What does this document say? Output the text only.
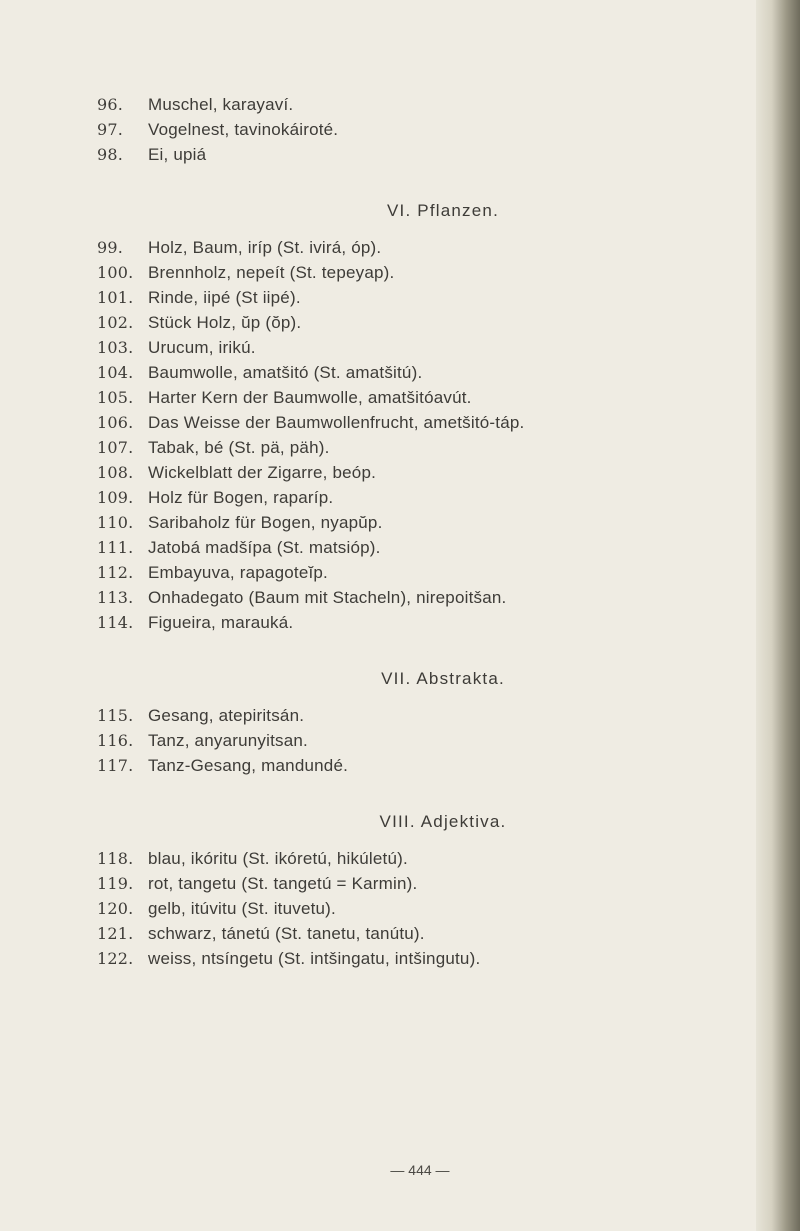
96.	Muschel, karayaví.
97.	Vogelnest, tavinokáiroté.
98.	Ei, upiá
VI. Pflanzen.
99.	Holz, Baum, iríp (St. ivirá, óp).
100. Brennholz, nepeít (St. tepeyap).
101. Rinde, iipé (St iipé).
102. Stück Holz, ŭp (ŏp).
103. Urucum, irikú.
104. Baumwolle, amatšitó (St. amatšitú).
105. Harter Kern der Baumwolle, amatšitóavút.
106. Das Weisse der Baumwollenfrucht, ametšitó-táp.
107. Tabak, bé (St. pä, päh).
108. Wickelblatt der Zigarre, beóp.
109. Holz für Bogen, raparíp.
110. Saribaholz für Bogen, nyapŭp.
111. Jatobá madšípa (St. matsióp).
112. Embayuva, rapagoteĭp.
113. Onhadegato (Baum mit Stacheln), nirepoitšan.
114. Figueira, marauká.
VII. Abstrakta.
115. Gesang, atepiritsán.
116. Tanz, anyarunyitsan.
117. Tanz-Gesang, mandundé.
VIII. Adjektiva.
118. blau, ikóritu (St. ikóretú, hikúletú).
119. rot, tangetu (St. tangetú = Karmin).
120. gelb, itúvitu (St. ituvetu).
121. schwarz, tánetú (St. tanetu, tanútu).
122. weiss, ntsíngetu (St. intšingatu, intšingutu).
— 444 —
